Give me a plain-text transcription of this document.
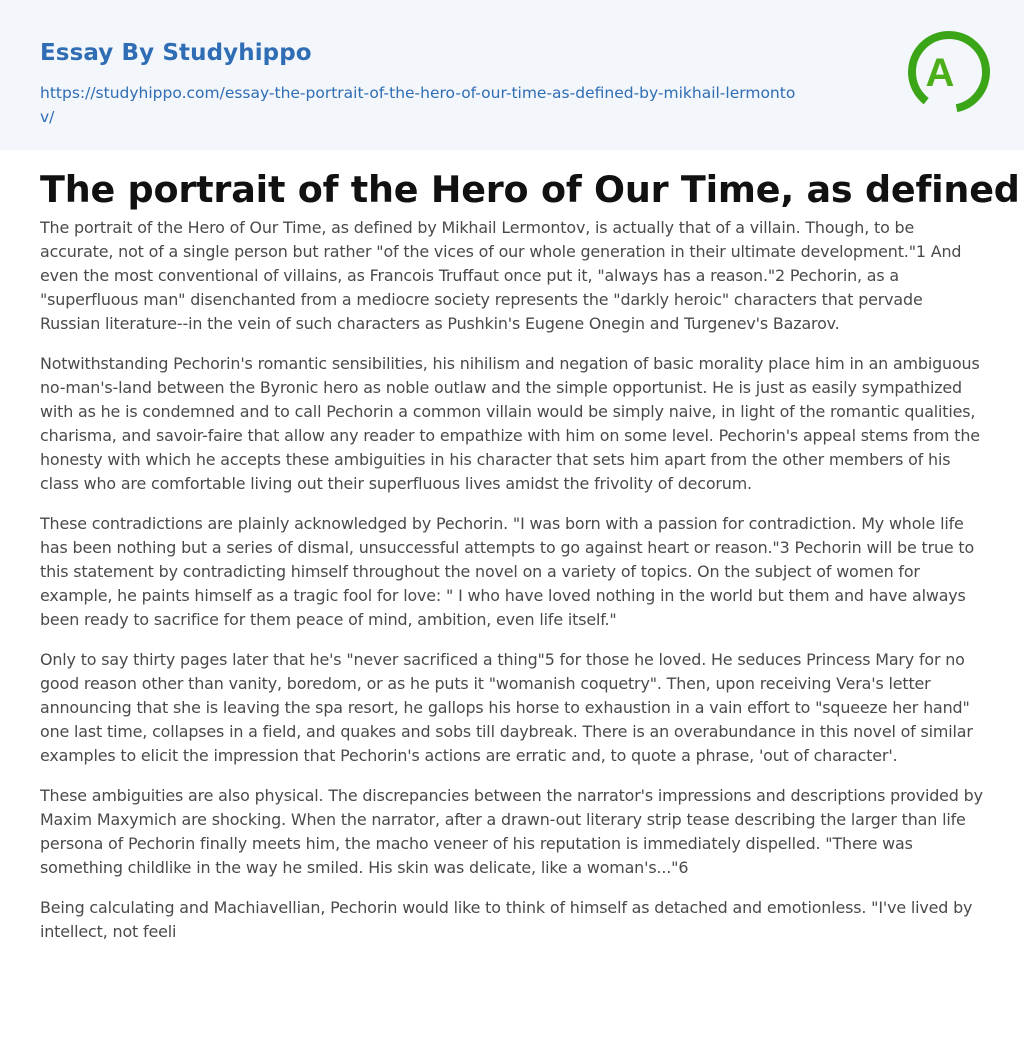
Essay By Studyhippo
https://studyhippo.com/essay-the-portrait-of-the-hero-of-our-time-as-defined-by-mikhail-lermontov/
A
The portrait of the Hero of Our Time, as defined

The portrait of the Hero of Our Time, as defined by Mikhail Lermontov, is actually that of a villain. Though, to be accurate, not of a single person but rather "of the vices of our whole generation in their ultimate development."1 And even the most conventional of villains, as Francois Truffaut once put it, "always has a reason."2 Pechorin, as a "superfluous man" disenchanted from a mediocre society represents the "darkly heroic" characters that pervade Russian literature--in the vein of such characters as Pushkin's Eugene Onegin and Turgenev's Bazarov.

Notwithstanding Pechorin's romantic sensibilities, his nihilism and negation of basic morality place him in an ambiguous no-man's-land between the Byronic hero as noble outlaw and the simple opportunist. He is just as easily sympathized with as he is condemned and to call Pechorin a common villain would be simply naive, in light of the romantic qualities, charisma, and savoir-faire that allow any reader to empathize with him on some level. Pechorin's appeal stems from the honesty with which he accepts these ambiguities in his character that sets him apart from the other members of his class who are comfortable living out their superfluous lives amidst the frivolity of decorum.

These contradictions are plainly acknowledged by Pechorin. "I was born with a passion for contradiction. My whole life has been nothing but a series of dismal, unsuccessful attempts to go against heart or reason."3 Pechorin will be true to this statement by contradicting himself throughout the novel on a variety of topics. On the subject of women for example, he paints himself as a tragic fool for love: " I who have loved nothing in the world but them and have always been ready to sacrifice for them peace of mind, ambition, even life itself."

Only to say thirty pages later that he's "never sacrificed a thing"5 for those he loved. He seduces Princess Mary for no good reason other than vanity, boredom, or as he puts it "womanish coquetry". Then, upon receiving Vera's letter announcing that she is leaving the spa resort, he gallops his horse to exhaustion in a vain effort to "squeeze her hand" one last time, collapses in a field, and quakes and sobs till daybreak. There is an overabundance in this novel of similar examples to elicit the impression that Pechorin's actions are erratic and, to quote a phrase, 'out of character'.

These ambiguities are also physical. The discrepancies between the narrator's impressions and descriptions provided by Maxim Maxymich are shocking. When the narrator, after a drawn-out literary strip tease describing the larger than life persona of Pechorin finally meets him, the macho veneer of his reputation is immediately dispelled. "There was something childlike in the way he smiled. His skin was delicate, like a woman's..."6

Being calculating and Machiavellian, Pechorin would like to think of himself as detached and emotionless. "I've lived by intellect, not feeli
